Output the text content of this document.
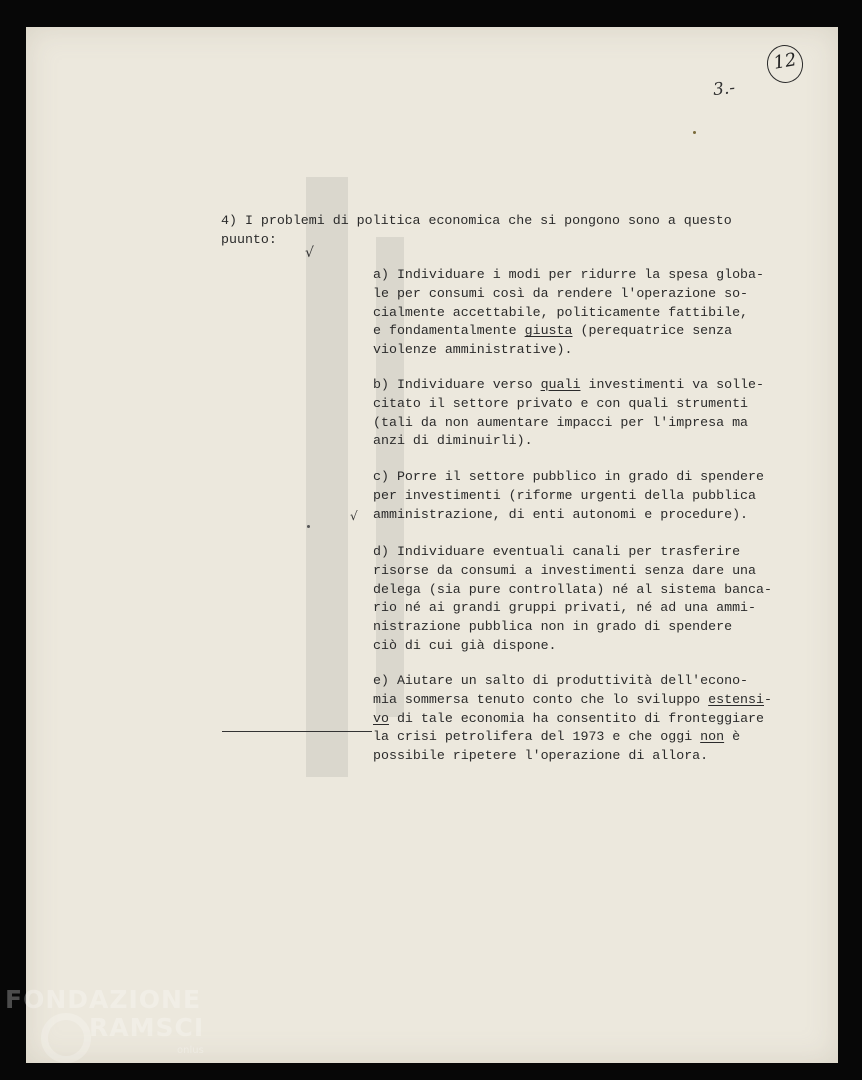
12
3.-
4) I problemi di politica economica che si pongono sono a questo
puunto:
√
a) Individuare i modi per ridurre la spesa globa-
le per consumi così da rendere l'operazione so-
cialmente accettabile, politicamente fattibile,
e fondamentalmente giusta (perequatrice senza
violenze amministrative).
b) Individuare verso quali investimenti va solle-
citato il settore privato e con quali strumenti
(tali da non aumentare impacci per l'impresa ma
anzi di diminuirli).
c) Porre il settore pubblico in grado di spendere
per investimenti (riforme urgenti della pubblica
amministrazione, di enti autonomi e procedure).
√
d) Individuare eventuali canali per trasferire
risorse da consumi a investimenti senza dare una
delega (sia pure controllata) né al sistema banca-
rio né ai grandi gruppi privati, né ad una ammi-
nistrazione pubblica non in grado di spendere
ciò di cui già dispone.
e) Aiutare un salto di produttività dell'econo-
mia sommersa tenuto conto che lo sviluppo estensi-
vo di tale economia ha consentito di fronteggiare
la crisi petrolifera del 1973 e che oggi non è
possibile ripetere l'operazione di allora.
FONDAZIONE
RAMSCI
onlus
